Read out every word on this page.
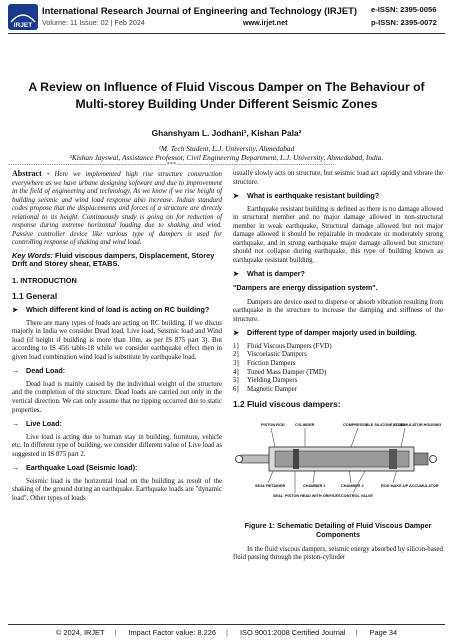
IRJET
International Research Journal of Engineering and Technology (IRJET)
Volume: 11 Issue: 02 | Feb 2024	www.irjet.net
e-ISSN: 2395-0056
p-ISSN: 2395-0072
A Review on Influence of Fluid Viscous Damper on The Behaviour of Multi-storey Building Under Different Seismic Zones
Ghanshyam L. Jodhani¹, Kishan Pala²
¹M. Tech Student, L.J. University, Ahmedabad
²Kishan Jayswal, Assistance Professor, Civil Engineering Department, L.J. University, Ahmedabad, India.
---------------------------------------------------------------------***---------------------------------------------------------------------

Abstract - Here we implemented high rise structure construction everywhere as we have urbane designing software and due to improvement in the field of engineering and technology. As we know if we rise height of building seismic and wind load response also increase. Indian standard codes propose that the displacements and forces of a structure are directly relational to its height. Continuously study is going on for reduction of response during extreme horizontal loading due to shaking and wind. Passive controller device like various type of dampers is used for controlling response of shaking and wind load.

Key Words: Fluid viscous dampers, Displacement, Storey Drift and Storey shear, ETABS.

1. INTRODUCTION
1.1 General
➤	Which different kind of load is acting on RC building?

There are many types of loads are acting on RC building. If we discus majorly in India we consider Dead load, Live load, Seismic load and Wind load (if height if building is more than 10m, as per IS 875 part 3). But according to IS 456 table-18 while we consider earthquake effect then in given load combination wind load is substitute by earthquake load.

→ Dead Load:

Dead load is mainly caused by the individual weight of the structure and the completion of the structure. Dead loads are carried out only in the vertical direction. We can only assume that no tipping occurred due to static properties.

→ Live Load:

Live load is acting due to human stay in building, furniture, vehicle etc. In different type of building, we consider different value of Live load as suggested in IS 875 part 2.

→ Earthquake Load (Seismic load):

Seismic load is the horizontal load on the building as result of the shaking of the ground during an earthquake. Earthquake loads are "dynamic load". Other types of loads

usually slowly acts on structure, but seismic load act rapidly and vibrate the structure.

➤	What is earthquake resistant building?

Earthquake resistant building is defined as there is no damage allowed in structural member and no major damage allowed in non-structural member in weak earthquake, Structural damage allowed but not major damage allowed it should be repairable in moderate or moderately strong earthquake, and in strong earthquake major damage allowed but structure should not collapse during earthquake, this type of building known as earthquake resistant building.

➤	What is damper?
"Dampers are energy dissipation system".

Dampers are device used to disperse or absorb vibration resulting from earthquake in the structure to increase the damping and stiffness of the structure.

➤	Different type of damper majorly used in building.
1]	Fluid Viscous Dampers (FVD)
2]	Viscoelastic Dampers
3]	Friction Dampers
4]	Tuned Mass Damper (TMD)
5]	Yielding Dampers
6]	Magnetic Damper
1.2 Fluid viscous dampers:
PISTON ROD	CYLINDER	COMPRESSIBLE SILICONE FLUID
ACCUMULATOR HOUSING
SEAL RETAINER	CHAMBER 1	CHAMBER 2	ROD MAKE-UP ACCUMULATOR
SEAL PISTON HEAD WITH ORIFICES CONTROL VALVE
Figure 1: Schematic Detailing of Fluid Viscous Damper Components

In the fluid viscous dampers, seismic energy absorbed by silicon-based fluid passing through the piston-cylinder

© 2024, IRJET | Impact Factor value: 8.226 | ISO 9001:2008 Certified Journal | Page 34
